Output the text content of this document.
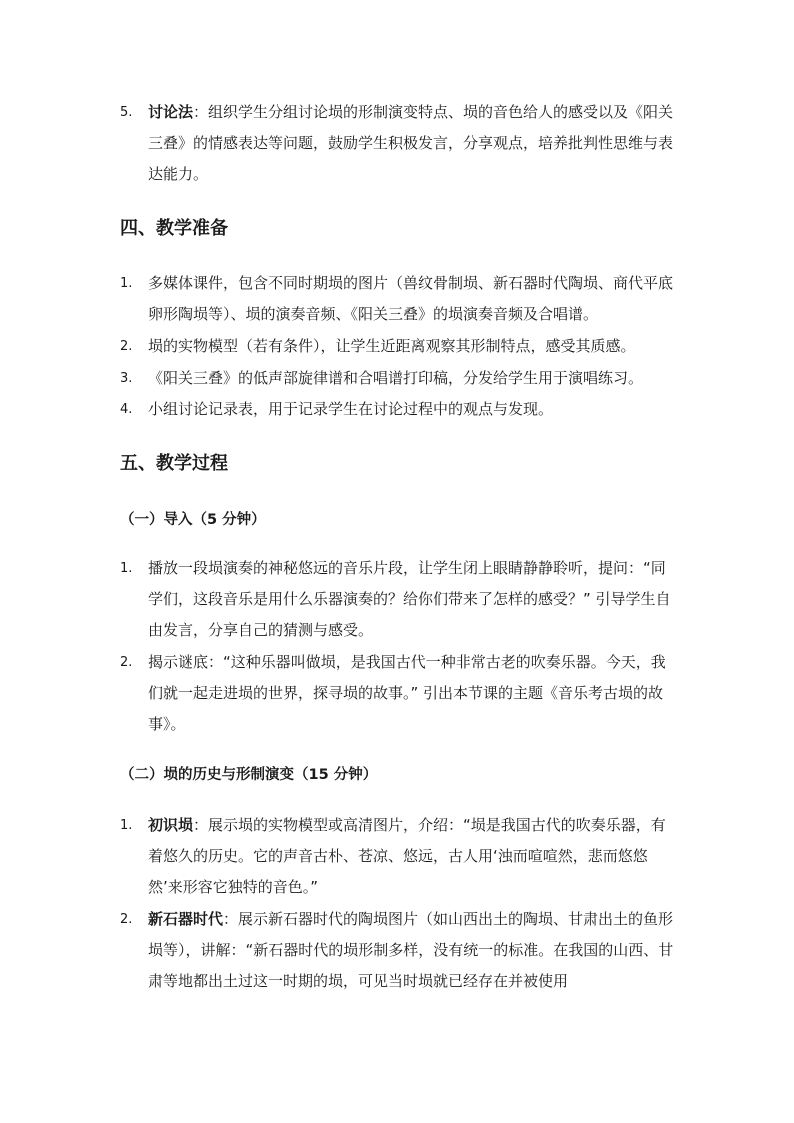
5.	讨论法：组织学生分组讨论埙的形制演变特点、埙的音色给人的感受以及《阳关三叠》的情感表达等问题，鼓励学生积极发言，分享观点，培养批判性思维与表达能力。
四、教学准备
1.	多媒体课件，包含不同时期埙的图片（兽纹骨制埙、新石器时代陶埙、商代平底卵形陶埙等）、埙的演奏音频、《阳关三叠》的埙演奏音频及合唱谱。
2.	埙的实物模型（若有条件），让学生近距离观察其形制特点，感受其质感。
3.	《阳关三叠》的低声部旋律谱和合唱谱打印稿，分发给学生用于演唱练习。
4.	小组讨论记录表，用于记录学生在讨论过程中的观点与发现。
五、教学过程
（一）导入（5 分钟）
1.	播放一段埙演奏的神秘悠远的音乐片段，让学生闭上眼睛静静聆听，提问：“同学们，这段音乐是用什么乐器演奏的？给你们带来了怎样的感受？” 引导学生自由发言，分享自己的猜测与感受。
2.	揭示谜底：“这种乐器叫做埙，是我国古代一种非常古老的吹奏乐器。今天，我们就一起走进埙的世界，探寻埙的故事。” 引出本节课的主题《音乐考古埙的故事》。
（二）埙的历史与形制演变（15 分钟）
1.	初识埙：展示埙的实物模型或高清图片，介绍：“埙是我国古代的吹奏乐器，有着悠久的历史。它的声音古朴、苍凉、悠远，古人用‘浊而喧喧然，悲而悠悠然’来形容它独特的音色。”
2.	新石器时代：展示新石器时代的陶埙图片（如山西出土的陶埙、甘肃出土的鱼形埙等），讲解：“新石器时代的埙形制多样，没有统一的标准。在我国的山西、甘肃等地都出土过这一时期的埙，可见当时埙就已经存在并被使用
